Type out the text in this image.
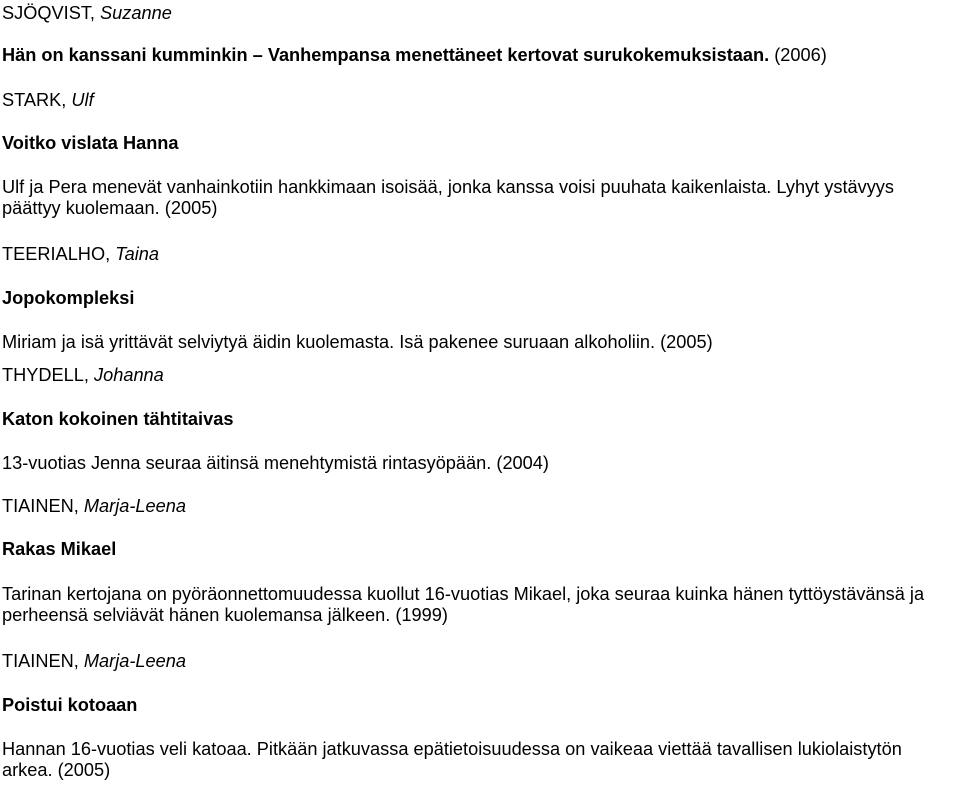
SJÖQVIST, Suzanne
Hän on kanssani kumminkin – Vanhempansa menettäneet kertovat surukokemuksistaan. (2006)
STARK, Ulf
Voitko vislata Hanna
Ulf ja Pera menevät vanhainkotiin hankkimaan isoisää, jonka kanssa voisi puuhata kaikenlaista. Lyhyt ystävyys päättyy kuolemaan. (2005)
TEERIALHO, Taina
Jopokompleksi
Miriam ja isä yrittävät selviytyä äidin kuolemasta. Isä pakenee suruaan alkoholiin. (2005)
THYDELL, Johanna
Katon kokoinen tähtitaivas
13-vuotias Jenna seuraa äitinsä menehtymistä rintasyöpään. (2004)
TIAINEN, Marja-Leena
Rakas Mikael
Tarinan kertojana on pyöräonnettomuudessa kuollut 16-vuotias Mikael, joka seuraa kuinka hänen tyttöystävänsä ja perheensä selviävät hänen kuolemansa jälkeen. (1999)
TIAINEN, Marja-Leena
Poistui kotoaan
Hannan 16-vuotias veli katoaa. Pitkään jatkuvassa epätietoisuudessa on vaikeaa viettää tavallisen lukiolaistytön arkea. (2005)
